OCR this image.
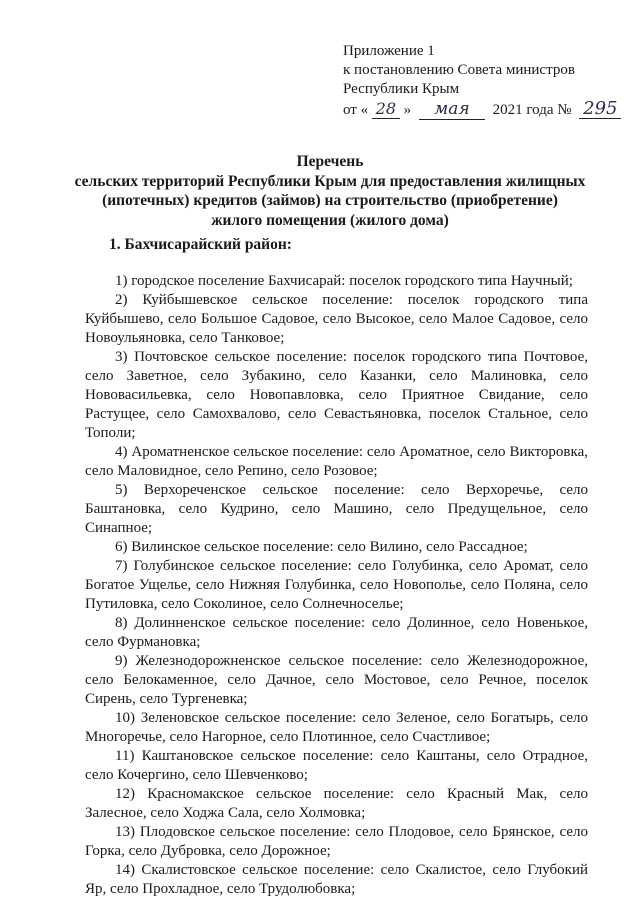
Приложение 1
к постановлению Совета министров
Республики Крым
от « 28 » мая 2021 года № 295
Перечень
сельских территорий Республики Крым для предоставления жилищных
(ипотечных) кредитов (займов) на строительство (приобретение)
жилого помещения (жилого дома)
1. Бахчисарайский район:

1) городское поселение Бахчисарай: поселок городского типа Научный;

2) Куйбышевское сельское поселение: поселок городского типа Куйбышево, село Большое Садовое, село Высокое, село Малое Садовое, село Новоульяновка, село Танковое;

3) Почтовское сельское поселение: поселок городского типа Почтовое, село Заветное, село Зубакино, село Казанки, село Малиновка, село Нововасильевка, село Новопавловка, село Приятное Свидание, село Растущее, село Самохвалово, село Севастьяновка, поселок Стальное, село Тополи;

4) Ароматненское сельское поселение: село Ароматное, село Викторовка, село Маловидное, село Репино, село Розовое;

5) Верхореченское сельское поселение: село Верхоречье, село Баштановка, село Кудрино, село Машино, село Предущельное, село Синапное;

6) Вилинское сельское поселение: село Вилино, село Рассадное;

7) Голубинское сельское поселение: село Голубинка, село Аромат, село Богатое Ущелье, село Нижняя Голубинка, село Новополье, село Поляна, село Путиловка, село Соколиное, село Солнечносельe;

8) Долинненское сельское поселение: село Долинное, село Новенькое, село Фурмановка;

9) Железнодорожненское сельское поселение: село Железнодорожное, село Белокаменное, село Дачное, село Мостовое, село Речное, поселок Сирень, село Тургеневка;

10) Зеленовское сельское поселение: село Зеленое, село Богатырь, село Многоречье, село Нагорное, село Плотинное, село Счастливое;

11) Каштановское сельское поселение: село Каштаны, село Отрадное, село Кочергино, село Шевченково;

12) Красномакское сельское поселение: село Красный Мак, село Залесное, село Ходжа Сала, село Холмовка;

13) Плодовское сельское поселение: село Плодовое, село Брянское, село Горка, село Дубровка, село Дорожное;

14) Скалистовское сельское поселение: село Скалистое, село Глубокий Яр, село Прохладное, село Трудолюбовка;
